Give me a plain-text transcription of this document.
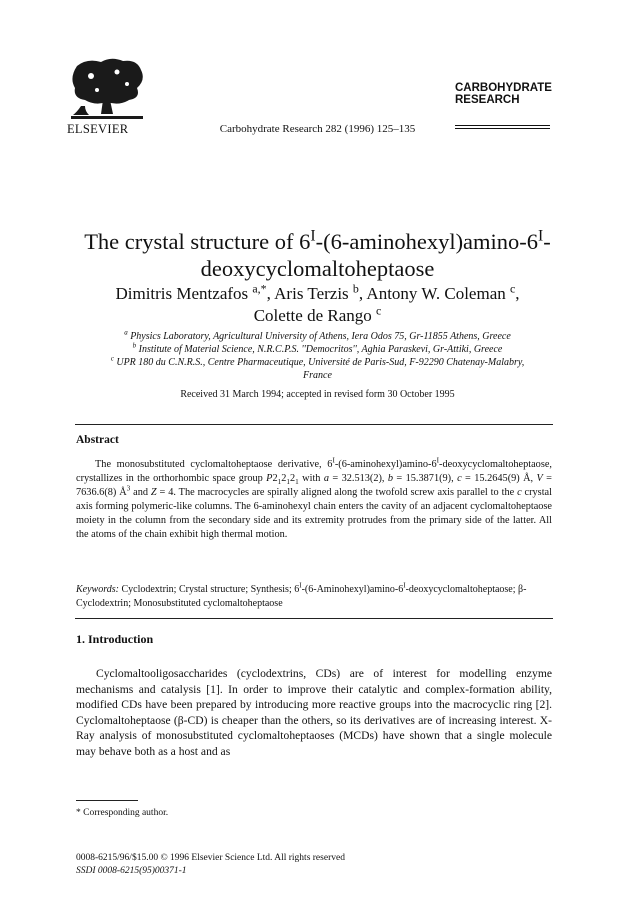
ELSEVIER	Carbohydrate Research 282 (1996) 125–135
CARBOHYDRATE
RESEARCH
The crystal structure of $6^I-(6-aminohexyl)amino-6^I-$
deoxycyclomaltoheptaose
Dimitris Mentzafos $^{a,*}$, Aris Terzis $^b$, Antony W. Coleman $^c$,
Colette de Rango $^c$
$^a$ Physics Laboratory, Agricultural University of Athens, Iera Odos 75, Gr-11855 Athens, Greece
$^b$ Institute of Material Science, N.R.C.P.S. ''Democritos'', Aghia Paraskevi, Gr-Attiki, Greece
$^c$ UPR 180 du C.N.R.S., Centre Pharmaceutique, Université de Paris-Sud, F-92290 Chatenay-Malabry,
France
Received 31 March 1994; accepted in revised form 30 October 1995
Abstract

The monosubstituted cyclomaltoheptaose derivative, $6^I-(6-aminohexyl)amino-6^I$-deoxycyclomaltoheptaose, crystallizes in the orthorhombic space group $P2_12_12_1$ with a = 32.513(2), b = 15.3871(9), c = 15.2645(9) Å, V = 7636.6(8) $Å^3$ and Z = 4. The macrocycles are spirally aligned along the twofold screw axis parallel to the c crystal axis forming polymeric-like columns. The 6-aminohexyl chain enters the cavity of an adjacent cyclomaltoheptaose moiety in the column from the secondary side and its extremity protrudes from the primary side of the latter. All the atoms of the chain exhibit high thermal motion.

Keywords: Cyclodextrin; Crystal structure; Synthesis; $6^I-(6-Aminohexyl)amino-6^I$-deoxycyclomaltoheptaose; β-Cyclodextrin; Monosubstituted cyclomaltoheptaose
1. Introduction

Cyclomaltooligosaccharides (cyclodextrins, CDs) are of interest for modelling enzyme mechanisms and catalysis [1]. In order to improve their catalytic and complex-formation ability, modified CDs have been prepared by introducing more reactive groups into the macrocyclic ring [2]. Cyclomaltoheptaose (β-CD) is cheaper than the others, so its derivatives are of increasing interest. X-Ray analysis of monosubstituted cyclomaltoheptaoses (MCDs) have shown that a single molecule may behave both as a host and as

* Corresponding author.
0008-6215/96/$15.00 © 1996 Elsevier Science Ltd. All rights reserved
SSDI 0008-6215(95)00371-1
